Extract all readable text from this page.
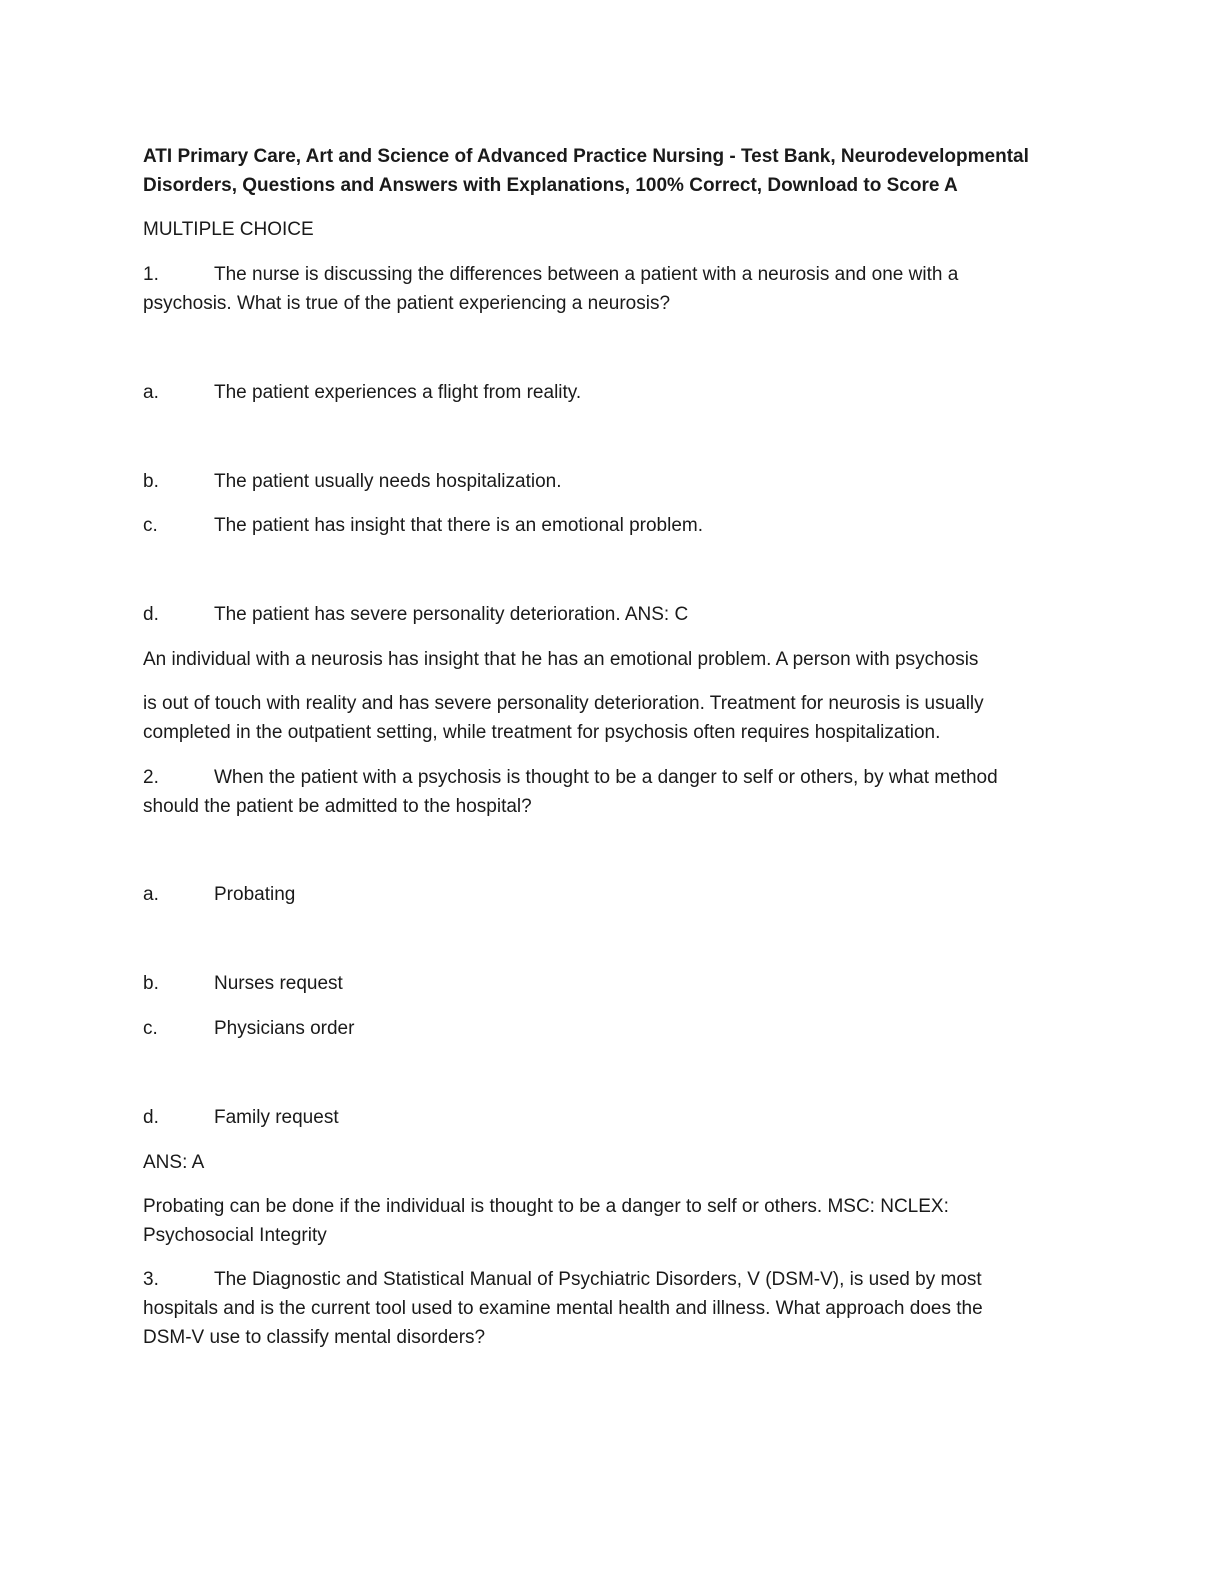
ATI Primary Care, Art and Science of Advanced Practice Nursing - Test Bank, Neurodevelopmental
Disorders, Questions and Answers with Explanations, 100% Correct, Download to Score A
MULTIPLE CHOICE
1.	The nurse is discussing the differences between a patient with a neurosis and one with a
psychosis. What is true of the patient experiencing a neurosis?
a.	The patient experiences a flight from reality.
b.	The patient usually needs hospitalization.
c.	The patient has insight that there is an emotional problem.
d.	The patient has severe personality deterioration. ANS: C
An individual with a neurosis has insight that he has an emotional problem. A person with psychosis
is out of touch with reality and has severe personality deterioration. Treatment for neurosis is usually
completed in the outpatient setting, while treatment for psychosis often requires hospitalization.
2.	When the patient with a psychosis is thought to be a danger to self or others, by what method
should the patient be admitted to the hospital?
a.	Probating
b.	Nurses request
c.	Physicians order
d.	Family request
ANS: A
Probating can be done if the individual is thought to be a danger to self or others. MSC: NCLEX:
Psychosocial Integrity
3.	The Diagnostic and Statistical Manual of Psychiatric Disorders, V (DSM-V), is used by most
hospitals and is the current tool used to examine mental health and illness. What approach does the
DSM-V use to classify mental disorders?
